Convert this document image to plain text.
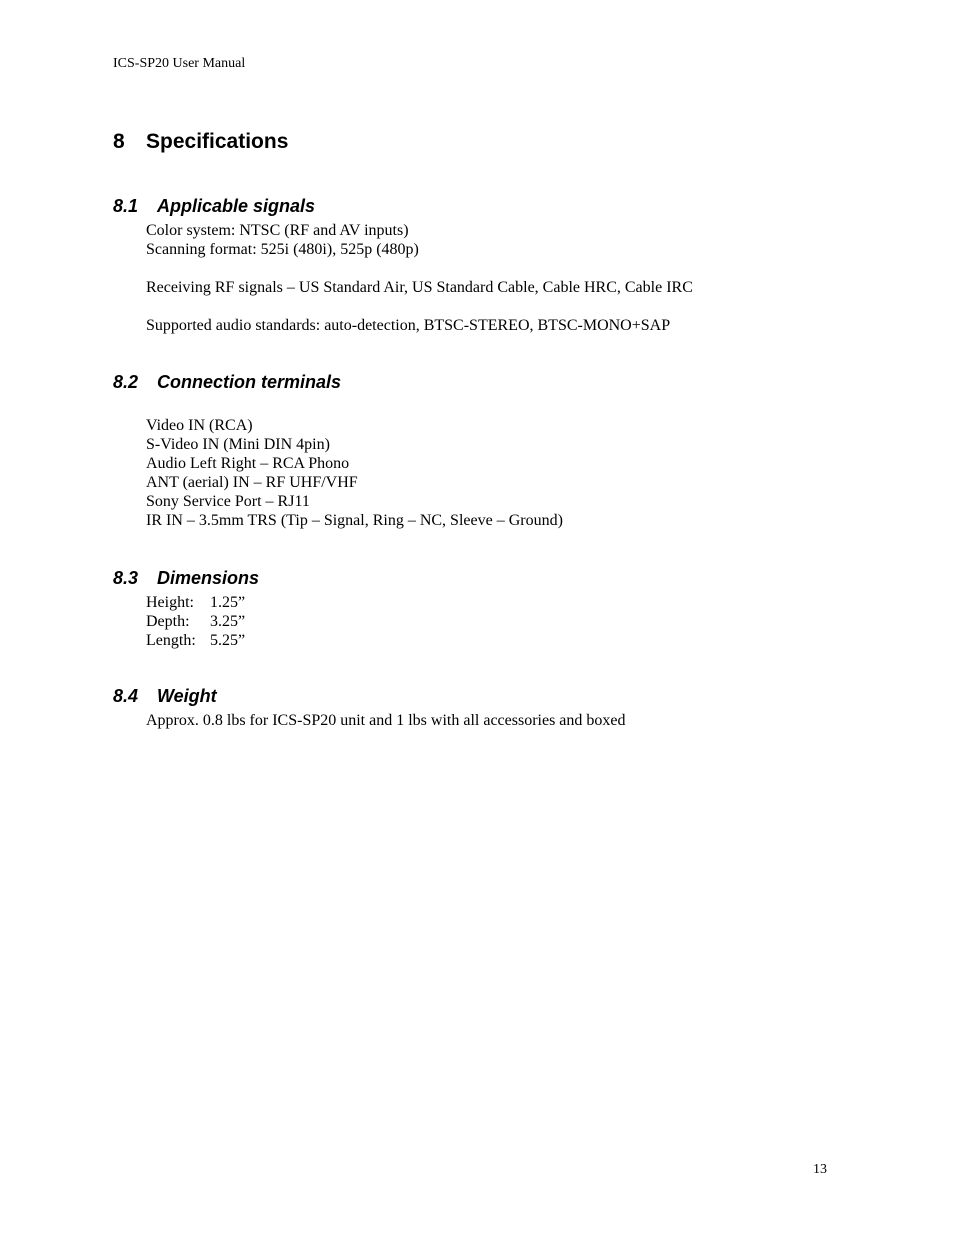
ICS-SP20 User Manual
8 Specifications
8.1 Applicable signals
Color system: NTSC (RF and AV inputs)
Scanning format: 525i (480i), 525p (480p)
Receiving RF signals – US Standard Air, US Standard Cable, Cable HRC, Cable IRC
Supported audio standards: auto-detection, BTSC-STEREO, BTSC-MONO+SAP
8.2 Connection terminals
Video IN (RCA)
S-Video IN (Mini DIN 4pin)
Audio Left Right – RCA Phono
ANT (aerial) IN – RF UHF/VHF
Sony Service Port – RJ11
IR IN – 3.5mm TRS (Tip – Signal, Ring – NC, Sleeve – Ground)
8.3 Dimensions
Height: 1.25”
Depth: 3.25”
Length: 5.25”
8.4 Weight
Approx. 0.8 lbs for ICS-SP20 unit and 1 lbs with all accessories and boxed
13
